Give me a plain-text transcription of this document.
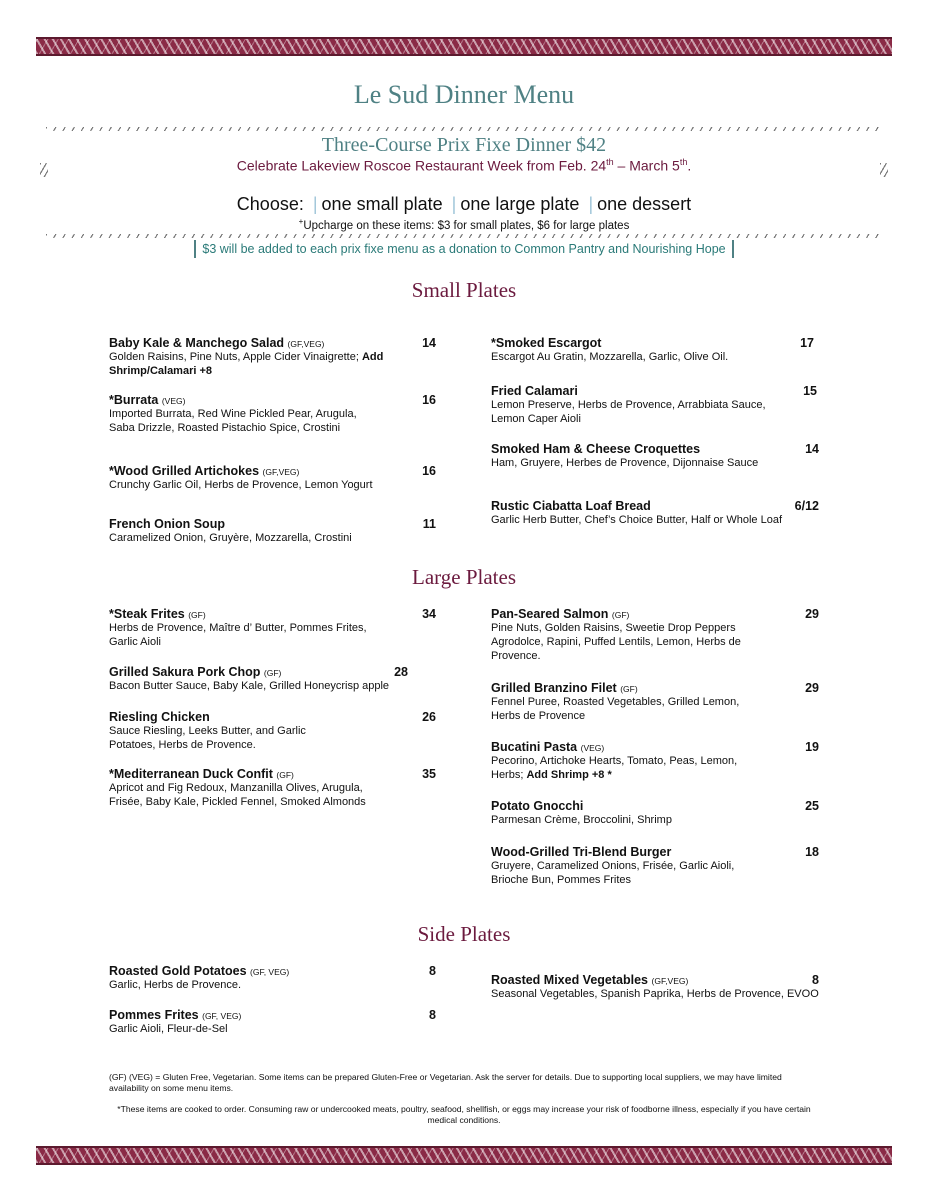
Le Sud Dinner Menu
Three-Course Prix Fixe Dinner $42
Celebrate Lakeview Roscoe Restaurant Week from Feb. 24th – March 5th.
Choose: | one small plate | one large plate | one dessert
+Upcharge on these items: $3 for small plates, $6 for large plates
$3 will be added to each prix fixe menu as a donation to Common Pantry and Nourishing Hope
Small Plates
Baby Kale & Manchego Salad (GF,VEG)
Golden Raisins, Pine Nuts, Apple Cider Vinaigrette; Add Shrimp/Calamari +8
14
*Burrata (VEG)
Imported Burrata, Red Wine Pickled Pear, Arugula, Saba Drizzle, Roasted Pistachio Spice, Crostini
16
*Wood Grilled Artichokes (GF,VEG)
Crunchy Garlic Oil, Herbs de Provence, Lemon Yogurt
16
French Onion Soup
Caramelized Onion, Gruyère, Mozzarella, Crostini
11
*Smoked Escargot
Escargot Au Gratin, Mozzarella, Garlic, Olive Oil.
17
Fried Calamari
Lemon Preserve, Herbs de Provence, Arrabbiata Sauce, Lemon Caper Aioli
15
Smoked Ham & Cheese Croquettes
Ham, Gruyere, Herbes de Provence, Dijonnaise Sauce
14
Rustic Ciabatta Loaf Bread
Garlic Herb Butter, Chef’s Choice Butter, Half or Whole Loaf
6/12
Large Plates
*Steak Frites (GF)
Herbs de Provence, Maître d’ Butter, Pommes Frites, Garlic Aioli
34
Grilled Sakura Pork Chop (GF)
Bacon Butter Sauce, Baby Kale, Grilled Honeycrisp apple
28
Riesling Chicken
Sauce Riesling, Leeks Butter, and Garlic Potatoes, Herbs de Provence.
26
*Mediterranean Duck Confit (GF)
Apricot and Fig Redoux, Manzanilla Olives, Arugula, Frisée, Baby Kale, Pickled Fennel, Smoked Almonds
35
Pan-Seared Salmon (GF)
Pine Nuts, Golden Raisins, Sweetie Drop Peppers Agrodolce, Rapini, Puffed Lentils, Lemon, Herbs de Provence.
29
Grilled Branzino Filet (GF)
Fennel Puree, Roasted Vegetables, Grilled Lemon, Herbs de Provence
29
Bucatini Pasta (VEG)
Pecorino, Artichoke Hearts, Tomato, Peas, Lemon, Herbs; Add Shrimp +8 *
19
Potato Gnocchi
Parmesan Crème, Broccolini, Shrimp
25
Wood-Grilled Tri-Blend Burger
Gruyere, Caramelized Onions, Frisée, Garlic Aioli, Brioche Bun, Pommes Frites
18
Side Plates
Roasted Gold Potatoes (GF, VEG)
Garlic, Herbs de Provence.
8
Pommes Frites (GF, VEG)
Garlic Aioli, Fleur-de-Sel
8
Roasted Mixed Vegetables (GF,VEG)
Seasonal Vegetables, Spanish Paprika, Herbs de Provence, EVOO
8
(GF) (VEG) = Gluten Free, Vegetarian. Some items can be prepared Gluten-Free or Vegetarian. Ask the server for details. Due to supporting local suppliers, we may have limited availability on some menu items.
*These items are cooked to order. Consuming raw or undercooked meats, poultry, seafood, shellfish, or eggs may increase your risk of foodborne illness, especially if you have certain medical conditions.
